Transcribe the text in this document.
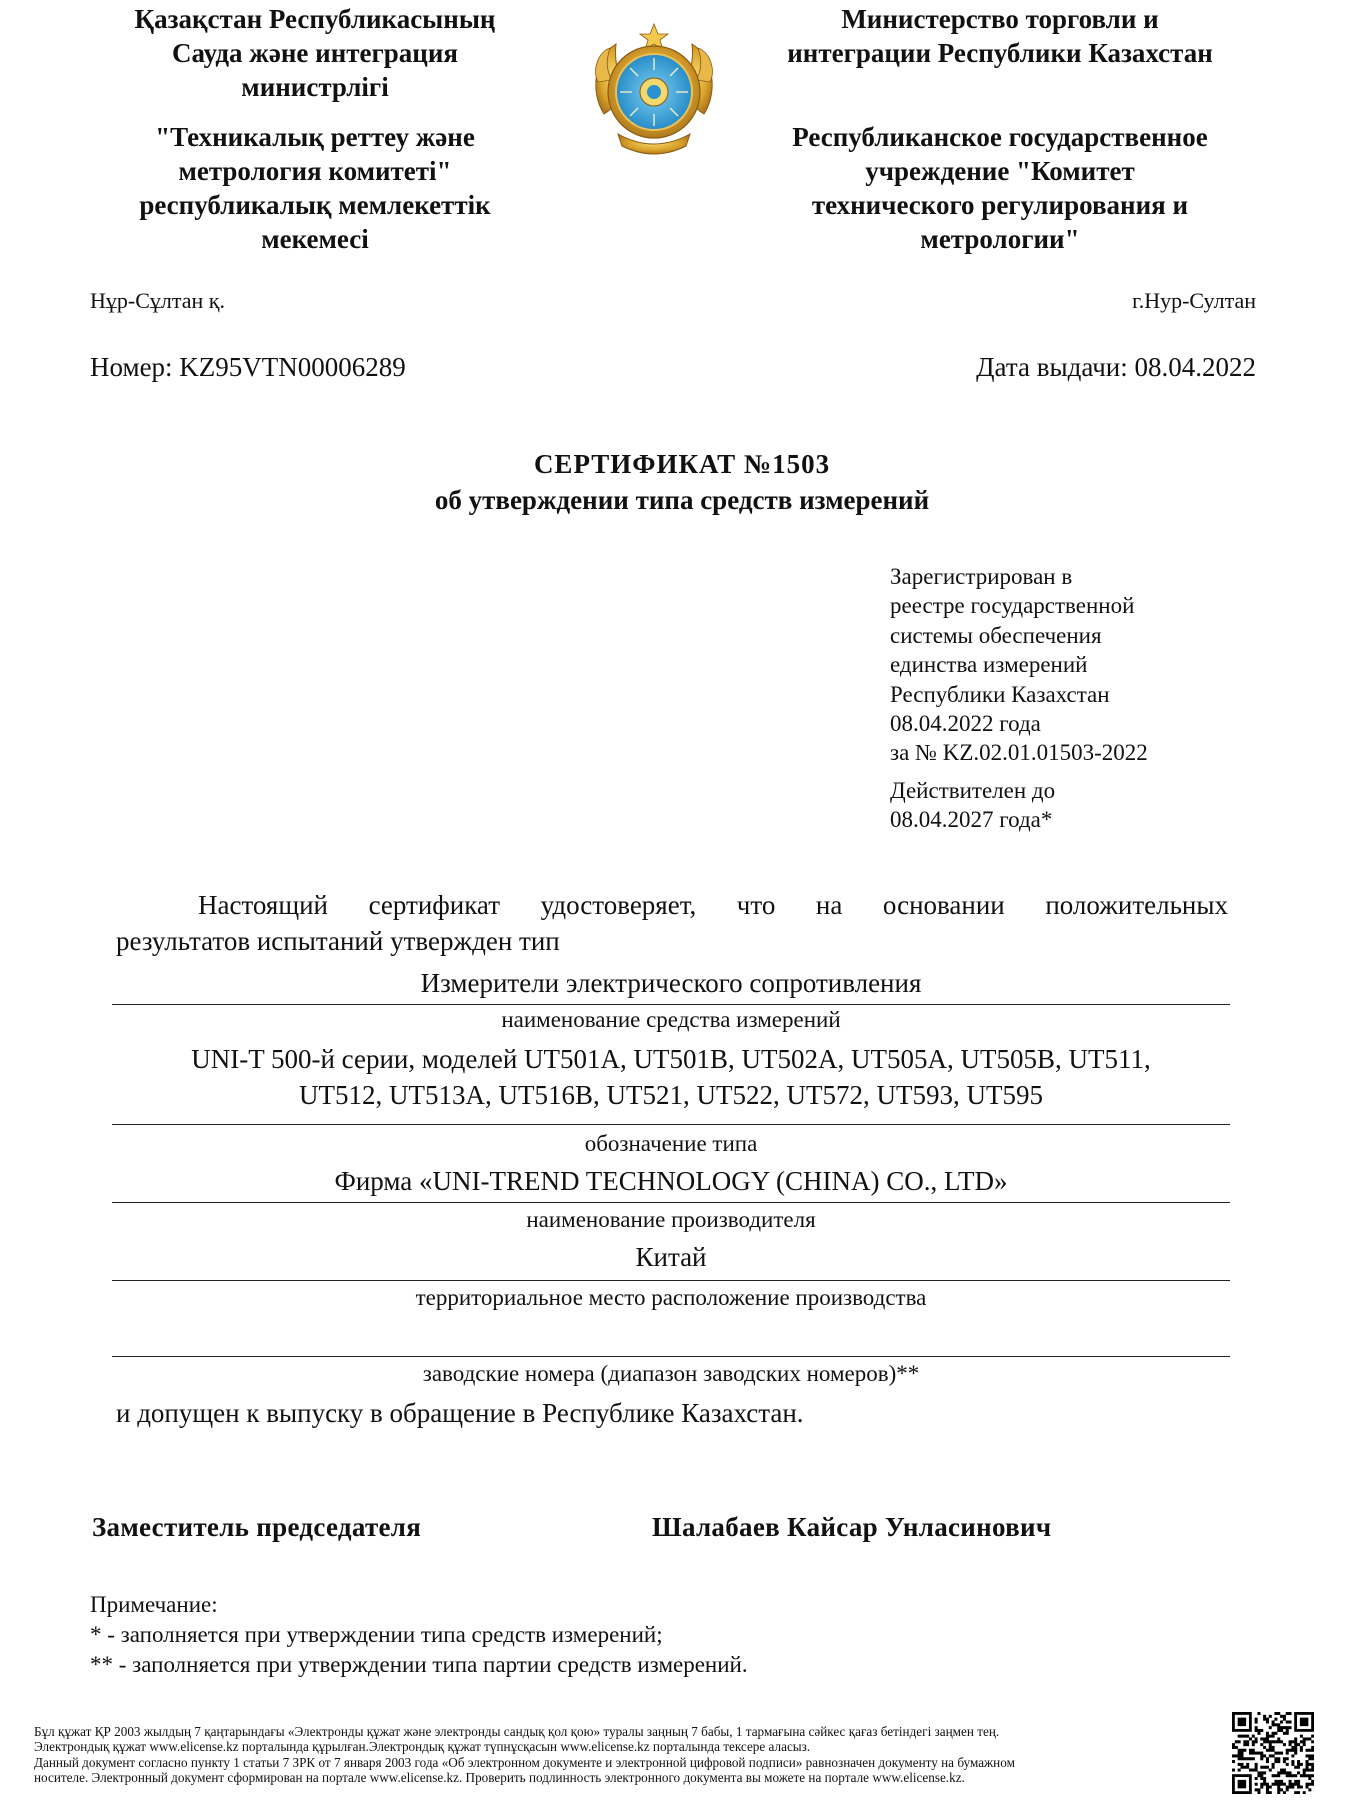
Қазақстан Республикасының
Сауда және интеграция
министрлігі
"Техникалық реттеу және
метрология комитеті"
республикалық мемлекеттік
мекемесі
Министерство торговли и
интеграции Республики Казахстан
Республиканское государственное
учреждение "Комитет
технического регулирования и
метрологии"
Нұр-Сұлтан қ.	г.Нур-Султан
Номер: KZ95VTN00006289	Дата выдачи: 08.04.2022
СЕРТИФИКАТ №1503
об утверждении типа средств измерений
Зарегистрирован в
реестре государственной
системы обеспечения
единства измерений
Республики Казахстан
08.04.2022 года
за № KZ.02.01.01503-2022
Действителен до
08.04.2027 года*
Настоящий сертификат удостоверяет, что на основании положительных
результатов испытаний утвержден тип
Измерители электрического сопротивления
наименование средства измерений
UNI-T 500-й серии, моделей UT501A, UT501B, UT502A, UT505A, UT505B, UT511,
UT512, UT513A, UT516B, UT521, UT522, UT572, UT593, UT595
обозначение типа
Фирма «UNI-TREND TECHNOLOGY (CHINA) CO., LTD»
наименование производителя
Китай
территориальное место расположение производства
заводские номера (диапазон заводских номеров)**
и допущен к выпуску в обращение в Республике Казахстан.
Заместитель председателя	Шалабаев Кайсар Унласинович
Примечание:
* - заполняется при утверждении типа средств измерений;
** - заполняется при утверждении типа партии средств измерений.
Бұл құжат ҚР 2003 жылдың 7 қаңтарындағы «Электронды құжат және электронды сандық қол қою» туралы заңның 7 бабы, 1 тармағына сәйкес қағаз бетіндегі заңмен тең.
Электрондық құжат www.elicense.kz порталында құрылған.Электрондық құжат түпнұсқасын www.elicense.kz порталында тексере аласыз.
Данный документ согласно пункту 1 статьи 7 ЗРК от 7 января 2003 года «Об электронном документе и электронной цифровой подписи» равнозначен документу на бумажном
носителе. Электронный документ сформирован на портале www.elicense.kz. Проверить подлинность электронного документа вы можете на портале www.elicense.kz.
